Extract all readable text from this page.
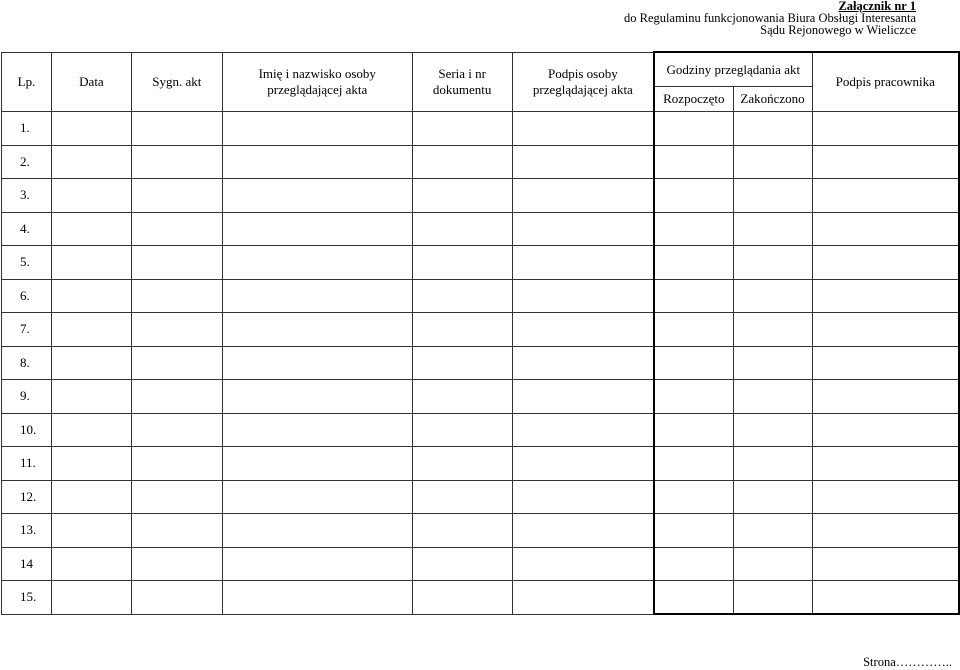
Załącznik nr 1
do Regulaminu funkcjonowania Biura Obsługi Interesanta
Sądu Rejonowego w Wieliczce
Lp.	Data	Sygn. akt	Imię i nazwisko osoby przeglądającej akta	Seria i nr dokumentu	Podpis osoby przeglądającej akta	Godziny przeglądania akt		Podpis pracownika
						Rozpoczęto	Zakończono	
1.								
2.								
3.								
4.								
5.								
6.								
7.								
8.								
9.								
10.								
11.								
12.								
13.								
14								
15.								
Strona…………..
